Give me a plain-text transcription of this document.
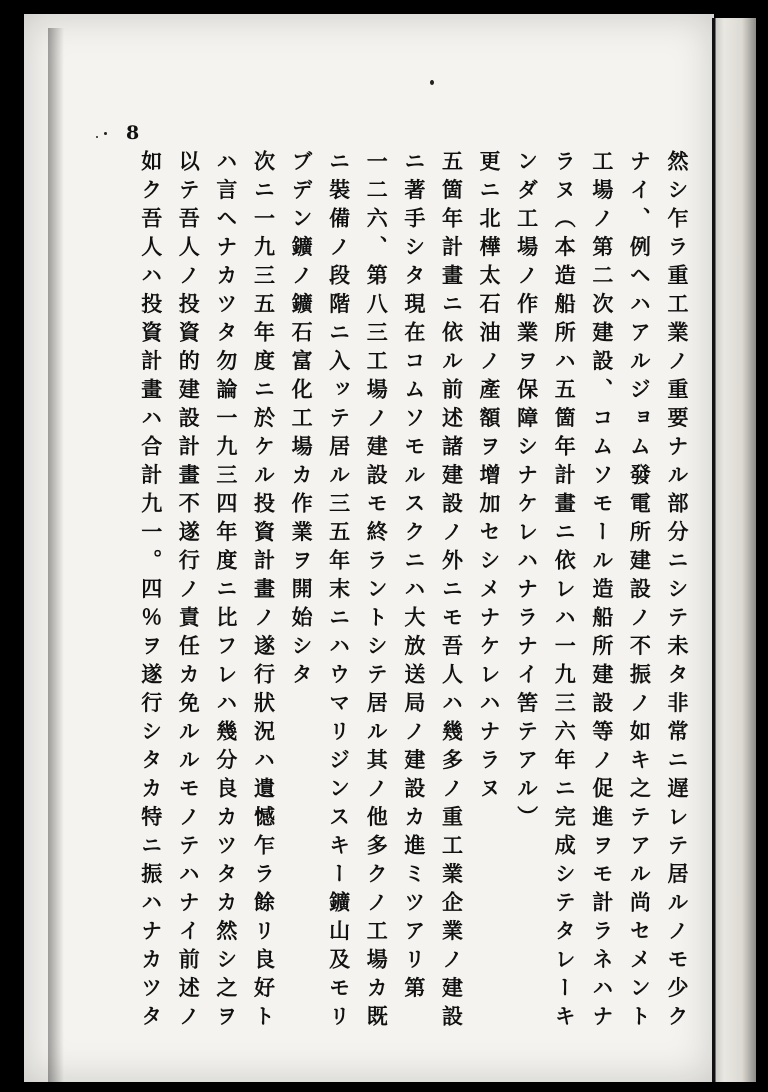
8
然シ乍ラ重工業ノ重要ナル部分ニシテ未タ非常ニ遅レテ居ルノモ少ク
ナイ、例ヘハアルジョム發電所建設ノ不振ノ如キ之テアル尚セメント
工場ノ第二次建設、コムソモール造船所建設等ノ促進ヲモ計ラネハナ
ラヌ（本造船所ハ五箇年計畫ニ依レハ一九三六年ニ完成シテタレーキ
ンダ工場ノ作業ヲ保障シナケレハナラナイ筈テアル）
更ニ北樺太石油ノ產額ヲ增加セシメナケレハナラヌ
五箇年計畫ニ依ル前述諸建設ノ外ニモ吾人ハ幾多ノ重工業企業ノ建設
ニ著手シタ現在コムソモルスクニハ大放送局ノ建設カ進ミツアリ第
一二六、第八三工場ノ建設モ終ラントシテ居ル其ノ他多クノ工場カ既
ニ裝備ノ段階ニ入ッテ居ル三五年末ニハウマリジンスキー鑛山及モリ
ブデン鑛ノ鑛石富化工場カ作業ヲ開始シタ
次ニ一九三五年度ニ於ケル投資計畫ノ遂行狀況ハ遺憾乍ラ餘リ良好ト
ハ言ヘナカツタ勿論一九三四年度ニ比フレハ幾分良カツタカ然シ之ヲ
以テ吾人ノ投資的建設計畫不遂行ノ責任カ免ルルモノテハナイ前述ノ
如ク吾人ハ投資計畫ハ合計九一。四％ヲ遂行シタカ特ニ振ハナカツタ
